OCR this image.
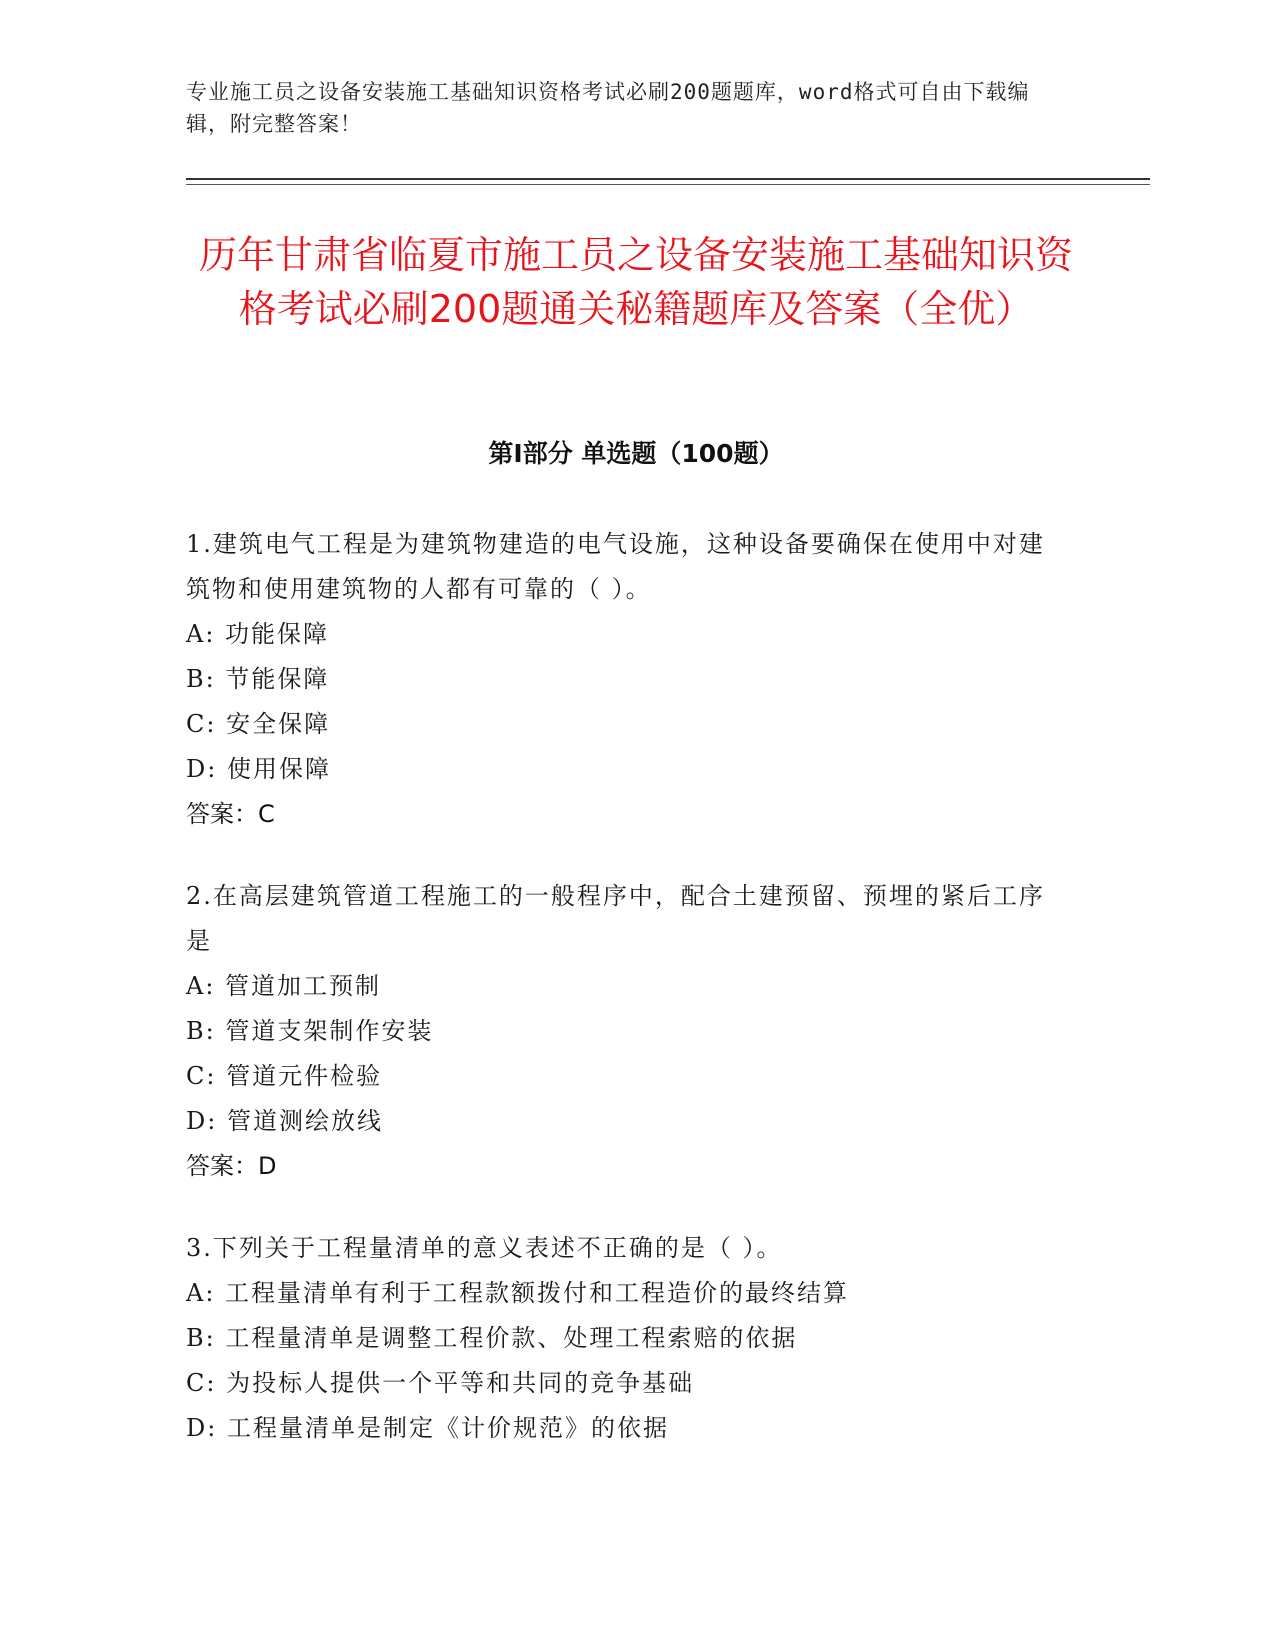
专业施工员之设备安装施工基础知识资格考试必刷200题题库，word格式可自由下载编辑，附完整答案！
历年甘肃省临夏市施工员之设备安装施工基础知识资格考试必刷200题通关秘籍题库及答案（全优）
第Ⅰ部分 单选题（100题）

1.建筑电气工程是为建筑物建造的电气设施，这种设备要确保在使用中对建筑物和使用建筑物的人都有可靠的（ ）。

A: 功能保障

B: 节能保障

C: 安全保障

D: 使用保障

答案：C

2.在高层建筑管道工程施工的一般程序中，配合土建预留、预埋的紧后工序是

A: 管道加工预制

B: 管道支架制作安装

C: 管道元件检验

D: 管道测绘放线

答案：D

3.下列关于工程量清单的意义表述不正确的是（ ）。

A: 工程量清单有利于工程款额拨付和工程造价的最终结算

B: 工程量清单是调整工程价款、处理工程索赔的依据

C: 为投标人提供一个平等和共同的竞争基础

D: 工程量清单是制定《计价规范》的依据
